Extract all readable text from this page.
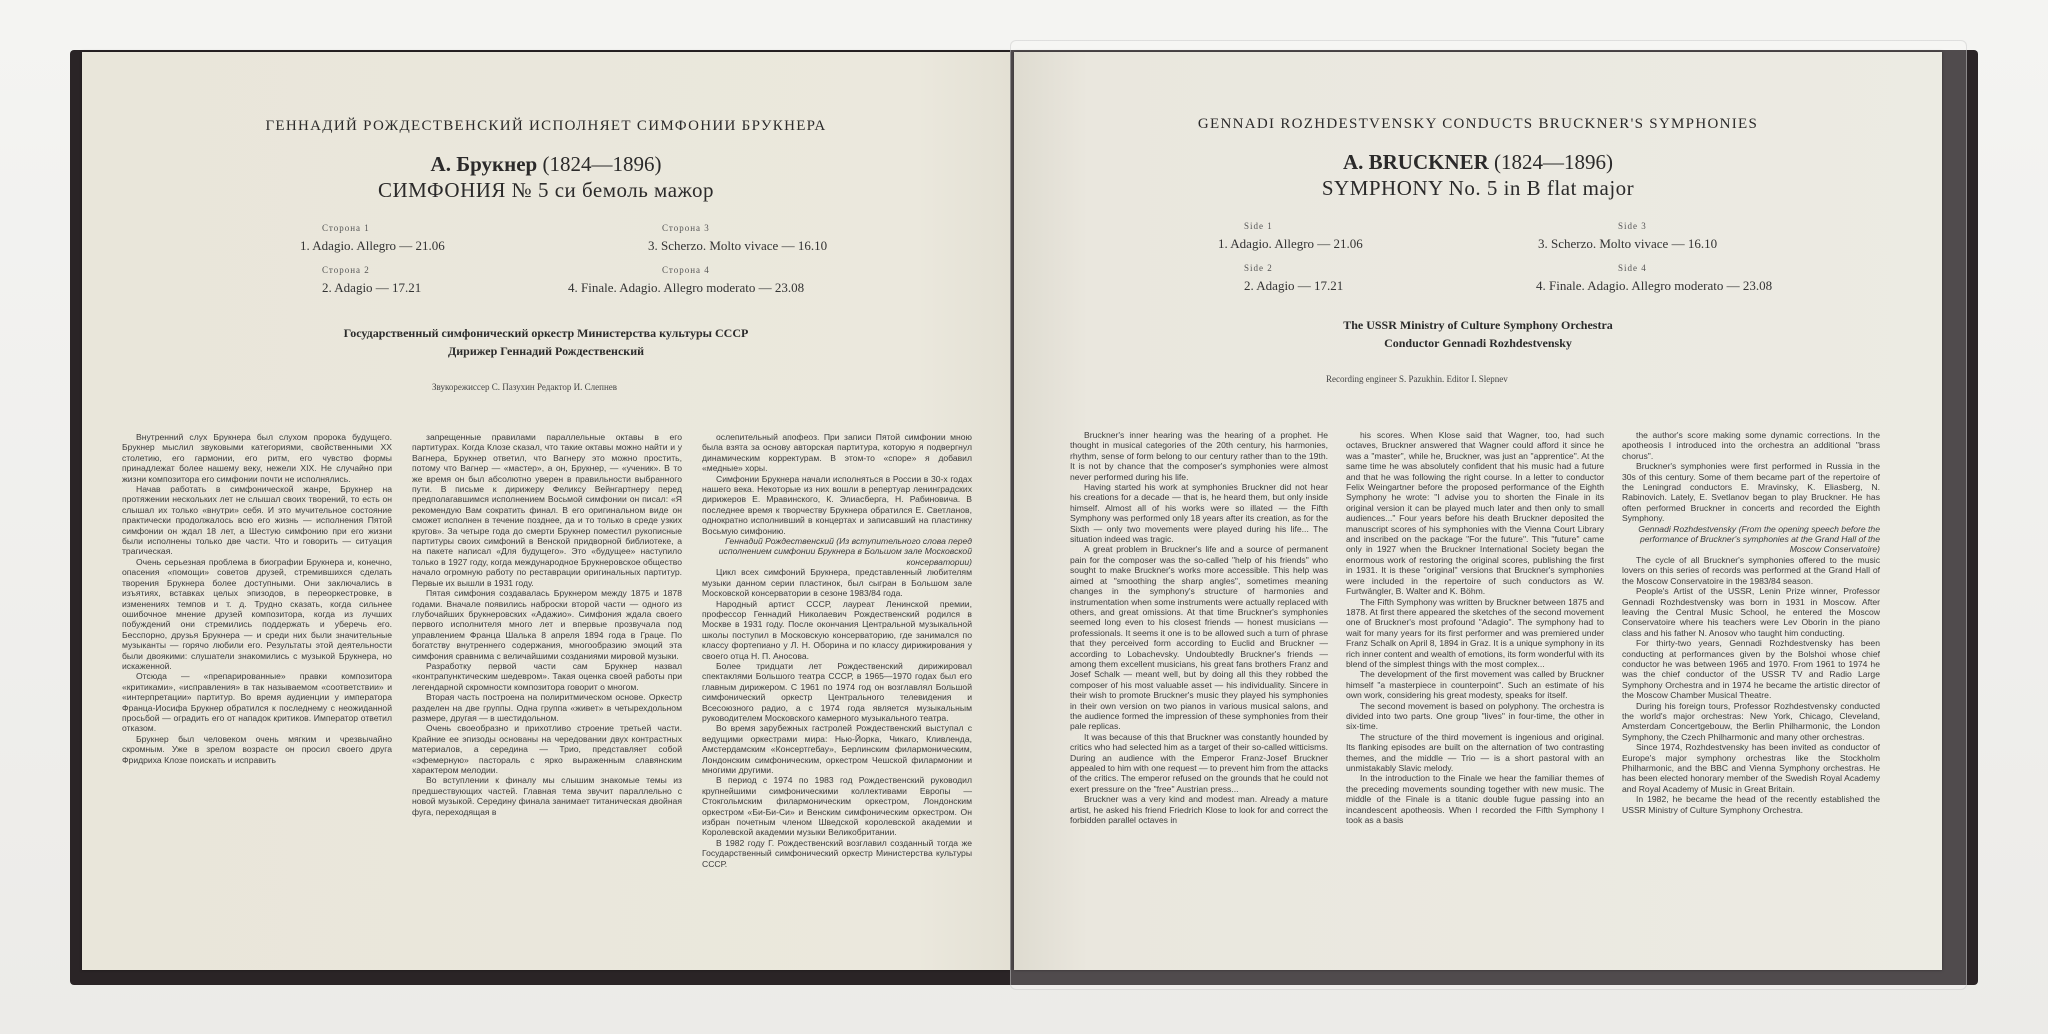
ГЕННАДИЙ РОЖДЕСТВЕНСКИЙ ИСПОЛНЯЕТ СИМФОНИИ БРУКНЕРА
А. Брукнер (1824—1896)
СИМФОНИЯ № 5 си бемоль мажор
Сторона 1
1. Adagio. Allegro — 21.06
Сторона 2
2. Adagio — 17.21
Сторона 3
3. Scherzo. Molto vivace — 16.10
Сторона 4
4. Finale. Adagio. Allegro moderato — 23.08
Государственный симфонический оркестр Министерства культуры СССР
Дирижер Геннадий Рождественский
Звукорежиссер С. Пазухин Редактор И. Слепнев

Внутренний слух Брукнера был слухом пророка будущего. Брукнер мыслил звуковыми категориями, свойственными XX столетию, его гармонии, его ритм, его чувство формы принадлежат более нашему веку, нежели XIX. Не случайно при жизни композитора его симфонии почти не исполнялись.

Начав работать в симфонической жанре, Брукнер на протяжении нескольких лет не слышал своих творений, то есть он слышал их только «внутри» себя. И это мучительное состояние практически продолжалось всю его жизнь — исполнения Пятой симфонии он ждал 18 лет, а Шестую симфонию при его жизни были исполнены только две части. Что и говорить — ситуация трагическая.

Очень серьезная проблема в биографии Брукнера и, конечно, опасения «помощи» советов друзей, стремившихся сделать творения Брукнера более доступными. Они заключались в изъятиях, вставках целых эпизодов, в переоркестровке, в изменениях темпов и т. д. Трудно сказать, когда сильнее ошибочное мнение друзей композитора, когда из лучших побуждений они стремились поддержать и уберечь его. Бесспорно, друзья Брукнера — и среди них были значительные музыканты — горячо любили его. Результаты этой деятельности были двоякими: слушатели знакомились с музыкой Брукнера, но искаженной.

Отсюда — «препарированные» правки композитора «критиками», «исправления» в так называемом «соответствии» и «интерпретации» партитур. Во время аудиенции у императора Франца-Иосифа Брукнер обратился к последнему с неожиданной просьбой — оградить его от нападок критиков. Император ответил отказом.

Брукнер был человеком очень мягким и чрезвычайно скромным. Уже в зрелом возрасте он просил своего друга Фридриха Клозе поискать и исправить

запрещенные правилами параллельные октавы в его партитурах. Когда Клозе сказал, что такие октавы можно найти и у Вагнера, Брукнер ответил, что Вагнеру это можно простить, потому что Вагнер — «мастер», а он, Брукнер, — «ученик». В то же время он был абсолютно уверен в правильности выбранного пути. В письме к дирижеру Феликсу Вейнгартнеру перед предполагавшимся исполнением Восьмой симфонии он писал: «Я рекомендую Вам сократить финал. В его оригинальном виде он сможет исполнен в течение позднее, да и то только в среде узких кругов». За четыре года до смерти Брукнер поместил рукописные партитуры своих симфоний в Венской придворной библиотеке, а на пакете написал «Для будущего». Это «будущее» наступило только в 1927 году, когда международное Брукнеровское общество начало огромную работу по реставрации оригинальных партитур. Первые их вышли в 1931 году.

Пятая симфония создавалась Брукнером между 1875 и 1878 годами. Вначале появились наброски второй части — одного из глубочайших брукнеровских «Адажио». Симфония ждала своего первого исполнителя много лет и впервые прозвучала под управлением Франца Шалька 8 апреля 1894 года в Граце. По богатству внутреннего содержания, многообразию эмоций эта симфония сравнима с величайшими созданиями мировой музыки.

Разработку первой части сам Брукнер назвал «контрапунктическим шедевром». Такая оценка своей работы при легендарной скромности композитора говорит о многом.

Вторая часть построена на полиритмическом основе. Оркестр разделен на две группы. Одна группа «живет» в четырехдольном размере, другая — в шестидольном.

Очень своеобразно и прихотливо строение третьей части. Крайние ее эпизоды основаны на чередовании двух контрастных материалов, а середина — Трио, представляет собой «эфемерную» пастораль с ярко выраженным славянским характером мелодии.

Во вступлении к финалу мы слышим знакомые темы из предшествующих частей. Главная тема звучит параллельно с новой музыкой. Середину финала занимает титаническая двойная фуга, переходящая в

ослепительный апофеоз. При записи Пятой симфонии мною была взята за основу авторская партитура, которую я подвергнул динамическим корректурам. В этом-то «споре» я добавил «медные» хоры.

Симфонии Брукнера начали исполняться в России в 30-х годах нашего века. Некоторые из них вошли в репертуар ленинградских дирижеров Е. Мравинского, К. Элиасберга, Н. Рабиновича. В последнее время к творчеству Брукнера обратился Е. Светланов, однократно исполнивший в концертах и записавший на пластинку Восьмую симфонию.

Геннадий Рождественский (Из вступительного слова перед исполнением симфонии Брукнера в Большом зале Московской консерватории)

Цикл всех симфоний Брукнера, представленный любителям музыки данном серии пластинок, был сыгран в Большом зале Московской консерватории в сезоне 1983/84 года.

Народный артист СССР, лауреат Ленинской премии, профессор Геннадий Николаевич Рождественский родился в Москве в 1931 году. После окончания Центральной музыкальной школы поступил в Московскую консерваторию, где занимался по классу фортепиано у Л. Н. Оборина и по классу дирижирования у своего отца Н. П. Аносова.

Более тридцати лет Рождественский дирижировал спектаклями Большого театра СССР, в 1965—1970 годах был его главным дирижером. С 1961 по 1974 год он возглавлял Большой симфонический оркестр Центрального телевидения и Всесоюзного радио, а с 1974 года является музыкальным руководителем Московского камерного музыкального театра.

Во время зарубежных гастролей Рождественский выступал с ведущими оркестрами мира: Нью-Йорка, Чикаго, Кливленда, Амстердамским «Консертгебау», Берлинским филармоническим, Лондонским симфоническим, оркестром Чешской филармонии и многими другими.

В период с 1974 по 1983 год Рождественский руководил крупнейшими симфоническими коллективами Европы — Стокгольмским филармоническим оркестром, Лондонским оркестром «Би-Би-Си» и Венским симфоническим оркестром. Он избран почетным членом Шведской королевской академии и Королевской академии музыки Великобритании.

В 1982 году Г. Рождественский возглавил созданный тогда же Государственный симфонический оркестр Министерства культуры СССР.

GENNADI ROZHDESTVENSKY CONDUCTS BRUCKNER'S SYMPHONIES
A. BRUCKNER (1824—1896)
SYMPHONY No. 5 in B flat major
Side 1
1. Adagio. Allegro — 21.06
Side 2
2. Adagio — 17.21
Side 3
3. Scherzo. Molto vivace — 16.10
Side 4
4. Finale. Adagio. Allegro moderato — 23.08
The USSR Ministry of Culture Symphony Orchestra
Conductor Gennadi Rozhdestvensky
Recording engineer S. Pazukhin. Editor I. Slepnev

Bruckner's inner hearing was the hearing of a prophet. He thought in musical categories of the 20th century, his harmonies, rhythm, sense of form belong to our century rather than to the 19th. It is not by chance that the composer's symphonies were almost never performed during his life.

Having started his work at symphonies Bruckner did not hear his creations for a decade — that is, he heard them, but only inside himself. Almost all of his works were so illated — the Fifth Symphony was performed only 18 years after its creation, as for the Sixth — only two movements were played during his life... The situation indeed was tragic.

A great problem in Bruckner's life and a source of permanent pain for the composer was the so-called "help of his friends" who sought to make Bruckner's works more accessible. This help was aimed at "smoothing the sharp angles", sometimes meaning changes in the symphony's structure of harmonies and instrumentation when some instruments were actually replaced with others, and great omissions. At that time Bruckner's symphonies seemed long even to his closest friends — honest musicians — professionals. It seems it one is to be allowed such a turn of phrase that they perceived form according to Euclid and Bruckner — according to Lobachevsky. Undoubtedly Bruckner's friends — among them excellent musicians, his great fans brothers Franz and Josef Schalk — meant well, but by doing all this they robbed the composer of his most valuable asset — his individuality. Sincere in their wish to promote Bruckner's music they played his symphonies in their own version on two pianos in various musical salons, and the audience formed the impression of these symphonies from their pale replicas.

It was because of this that Bruckner was constantly hounded by critics who had selected him as a target of their so-called witticisms. During an audience with the Emperor Franz-Josef Bruckner appealed to him with one request — to prevent him from the attacks of the critics. The emperor refused on the grounds that he could not exert pressure on the "free" Austrian press...

Bruckner was a very kind and modest man. Already a mature artist, he asked his friend Friedrich Klose to look for and correct the forbidden parallel octaves in

his scores. When Klose said that Wagner, too, had such octaves, Bruckner answered that Wagner could afford it since he was a "master", while he, Bruckner, was just an "apprentice". At the same time he was absolutely confident that his music had a future and that he was following the right course. In a letter to conductor Felix Weingartner before the proposed performance of the Eighth Symphony he wrote: "I advise you to shorten the Finale in its original version it can be played much later and then only to small audiences..." Four years before his death Bruckner deposited the manuscript scores of his symphonies with the Vienna Court Library and inscribed on the package "For the future". This "future" came only in 1927 when the Bruckner International Society began the enormous work of restoring the original scores, publishing the first in 1931. It is these "original" versions that Bruckner's symphonies were included in the repertoire of such conductors as W. Furtwängler, B. Walter and K. Böhm.

The Fifth Symphony was written by Bruckner between 1875 and 1878. At first there appeared the sketches of the second movement one of Bruckner's most profound "Adagio". The symphony had to wait for many years for its first performer and was premiered under Franz Schalk on April 8, 1894 in Graz. It is a unique symphony in its rich inner content and wealth of emotions, its form wonderful with its blend of the simplest things with the most complex...

The development of the first movement was called by Bruckner himself "a masterpiece in counterpoint". Such an estimate of his own work, considering his great modesty, speaks for itself.

The second movement is based on polyphony. The orchestra is divided into two parts. One group "lives" in four-time, the other in six-time.

The structure of the third movement is ingenious and original. Its flanking episodes are built on the alternation of two contrasting themes, and the middle — Trio — is a short pastoral with an unmistakably Slavic melody.

In the introduction to the Finale we hear the familiar themes of the preceding movements sounding together with new music. The middle of the Finale is a titanic double fugue passing into an incandescent apotheosis. When I recorded the Fifth Symphony I took as a basis

the author's score making some dynamic corrections. In the apotheosis I introduced into the orchestra an additional "brass chorus".

Bruckner's symphonies were first performed in Russia in the 30s of this century. Some of them became part of the repertoire of the Leningrad conductors E. Mravinsky, K. Eliasberg, N. Rabinovich. Lately, E. Svetlanov began to play Bruckner. He has often performed Bruckner in concerts and recorded the Eighth Symphony.

Gennadi Rozhdestvensky (From the opening speech before the performance of Bruckner's symphonies at the Grand Hall of the Moscow Conservatoire)

The cycle of all Bruckner's symphonies offered to the music lovers on this series of records was performed at the Grand Hall of the Moscow Conservatoire in the 1983/84 season.

People's Artist of the USSR, Lenin Prize winner, Professor Gennadi Rozhdestvensky was born in 1931 in Moscow. After leaving the Central Music School, he entered the Moscow Conservatoire where his teachers were Lev Oborin in the piano class and his father N. Anosov who taught him conducting.

For thirty-two years, Gennadi Rozhdestvensky has been conducting at performances given by the Bolshoi whose chief conductor he was between 1965 and 1970. From 1961 to 1974 he was the chief conductor of the USSR TV and Radio Large Symphony Orchestra and in 1974 he became the artistic director of the Moscow Chamber Musical Theatre.

During his foreign tours, Professor Rozhdestvensky conducted the world's major orchestras: New York, Chicago, Cleveland, Amsterdam Concertgebouw, the Berlin Philharmonic, the London Symphony, the Czech Philharmonic and many other orchestras.

Since 1974, Rozhdestvensky has been invited as conductor of Europe's major symphony orchestras like the Stockholm Philharmonic, and the BBC and Vienna Symphony orchestras. He has been elected honorary member of the Swedish Royal Academy and Royal Academy of Music in Great Britain.

In 1982, he became the head of the recently established the USSR Ministry of Culture Symphony Orchestra.
